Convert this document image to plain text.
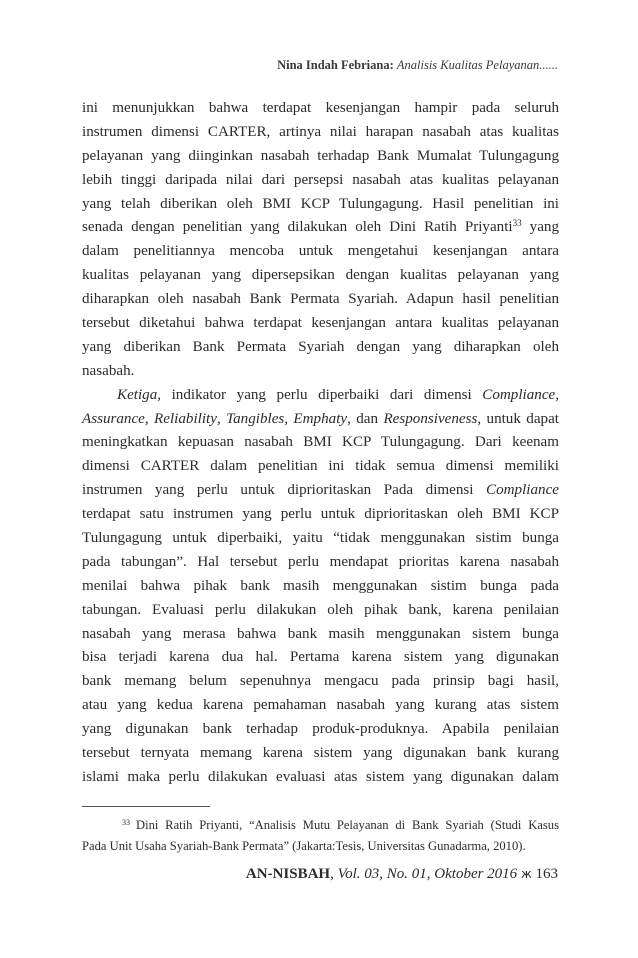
Nina Indah Febriana: Analisis Kualitas Pelayanan......
ini menunjukkan bahwa terdapat kesenjangan hampir pada seluruh
instrumen dimensi CARTER, artinya nilai harapan nasabah atas kualitas
pelayanan yang diinginkan nasabah terhadap Bank Mumalat Tulungagung
lebih tinggi daripada nilai dari persepsi nasabah atas kualitas pelayanan
yang telah diberikan oleh BMI KCP Tulungagung. Hasil penelitian ini
senada dengan penelitian yang dilakukan oleh Dini Ratih Priyanti$^{33}$ yang
dalam penelitiannya mencoba untuk mengetahui kesenjangan antara
kualitas pelayanan yang dipersepsikan dengan kualitas pelayanan yang
diharapkan oleh nasabah Bank Permata Syariah. Adapun hasil penelitian
tersebut diketahui bahwa terdapat kesenjangan antara kualitas pelayanan
yang diberikan Bank Permata Syariah dengan yang diharapkan oleh
nasabah.
Ketiga, indikator yang perlu diperbaiki dari dimensi Compliance,
Assurance, Reliability, Tangibles, Emphaty, dan Responsiveness, untuk dapat
meningkatkan kepuasan nasabah BMI KCP Tulungagung. Dari keenam
dimensi CARTER dalam penelitian ini tidak semua dimensi memiliki
instrumen yang perlu untuk diprioritaskan Pada dimensi Compliance
terdapat satu instrumen yang perlu untuk diprioritaskan oleh BMI KCP
Tulungagung untuk diperbaiki, yaitu “tidak menggunakan sistim bunga
pada tabungan”. Hal tersebut perlu mendapat prioritas karena nasabah
menilai bahwa pihak bank masih menggunakan sistim bunga pada
tabungan. Evaluasi perlu dilakukan oleh pihak bank, karena penilaian
nasabah yang merasa bahwa bank masih menggunakan sistem bunga
bisa terjadi karena dua hal. Pertama karena sistem yang digunakan
bank memang belum sepenuhnya mengacu pada prinsip bagi hasil,
atau yang kedua karena pemahaman nasabah yang kurang atas sistem
yang digunakan bank terhadap produk-produknya. Apabila penilaian
tersebut ternyata memang karena sistem yang digunakan bank kurang
islami maka perlu dilakukan evaluasi atas sistem yang digunakan dalam
$^{33}$ Dini Ratih Priyanti, “Analisis Mutu Pelayanan di Bank Syariah (Studi Kasus
Pada Unit Usaha Syariah-Bank Permata” (Jakarta:Tesis, Universitas Gunadarma, 2010).
AN-NISBAH, Vol. 03, No. 01, Oktober 2016 ж 163
